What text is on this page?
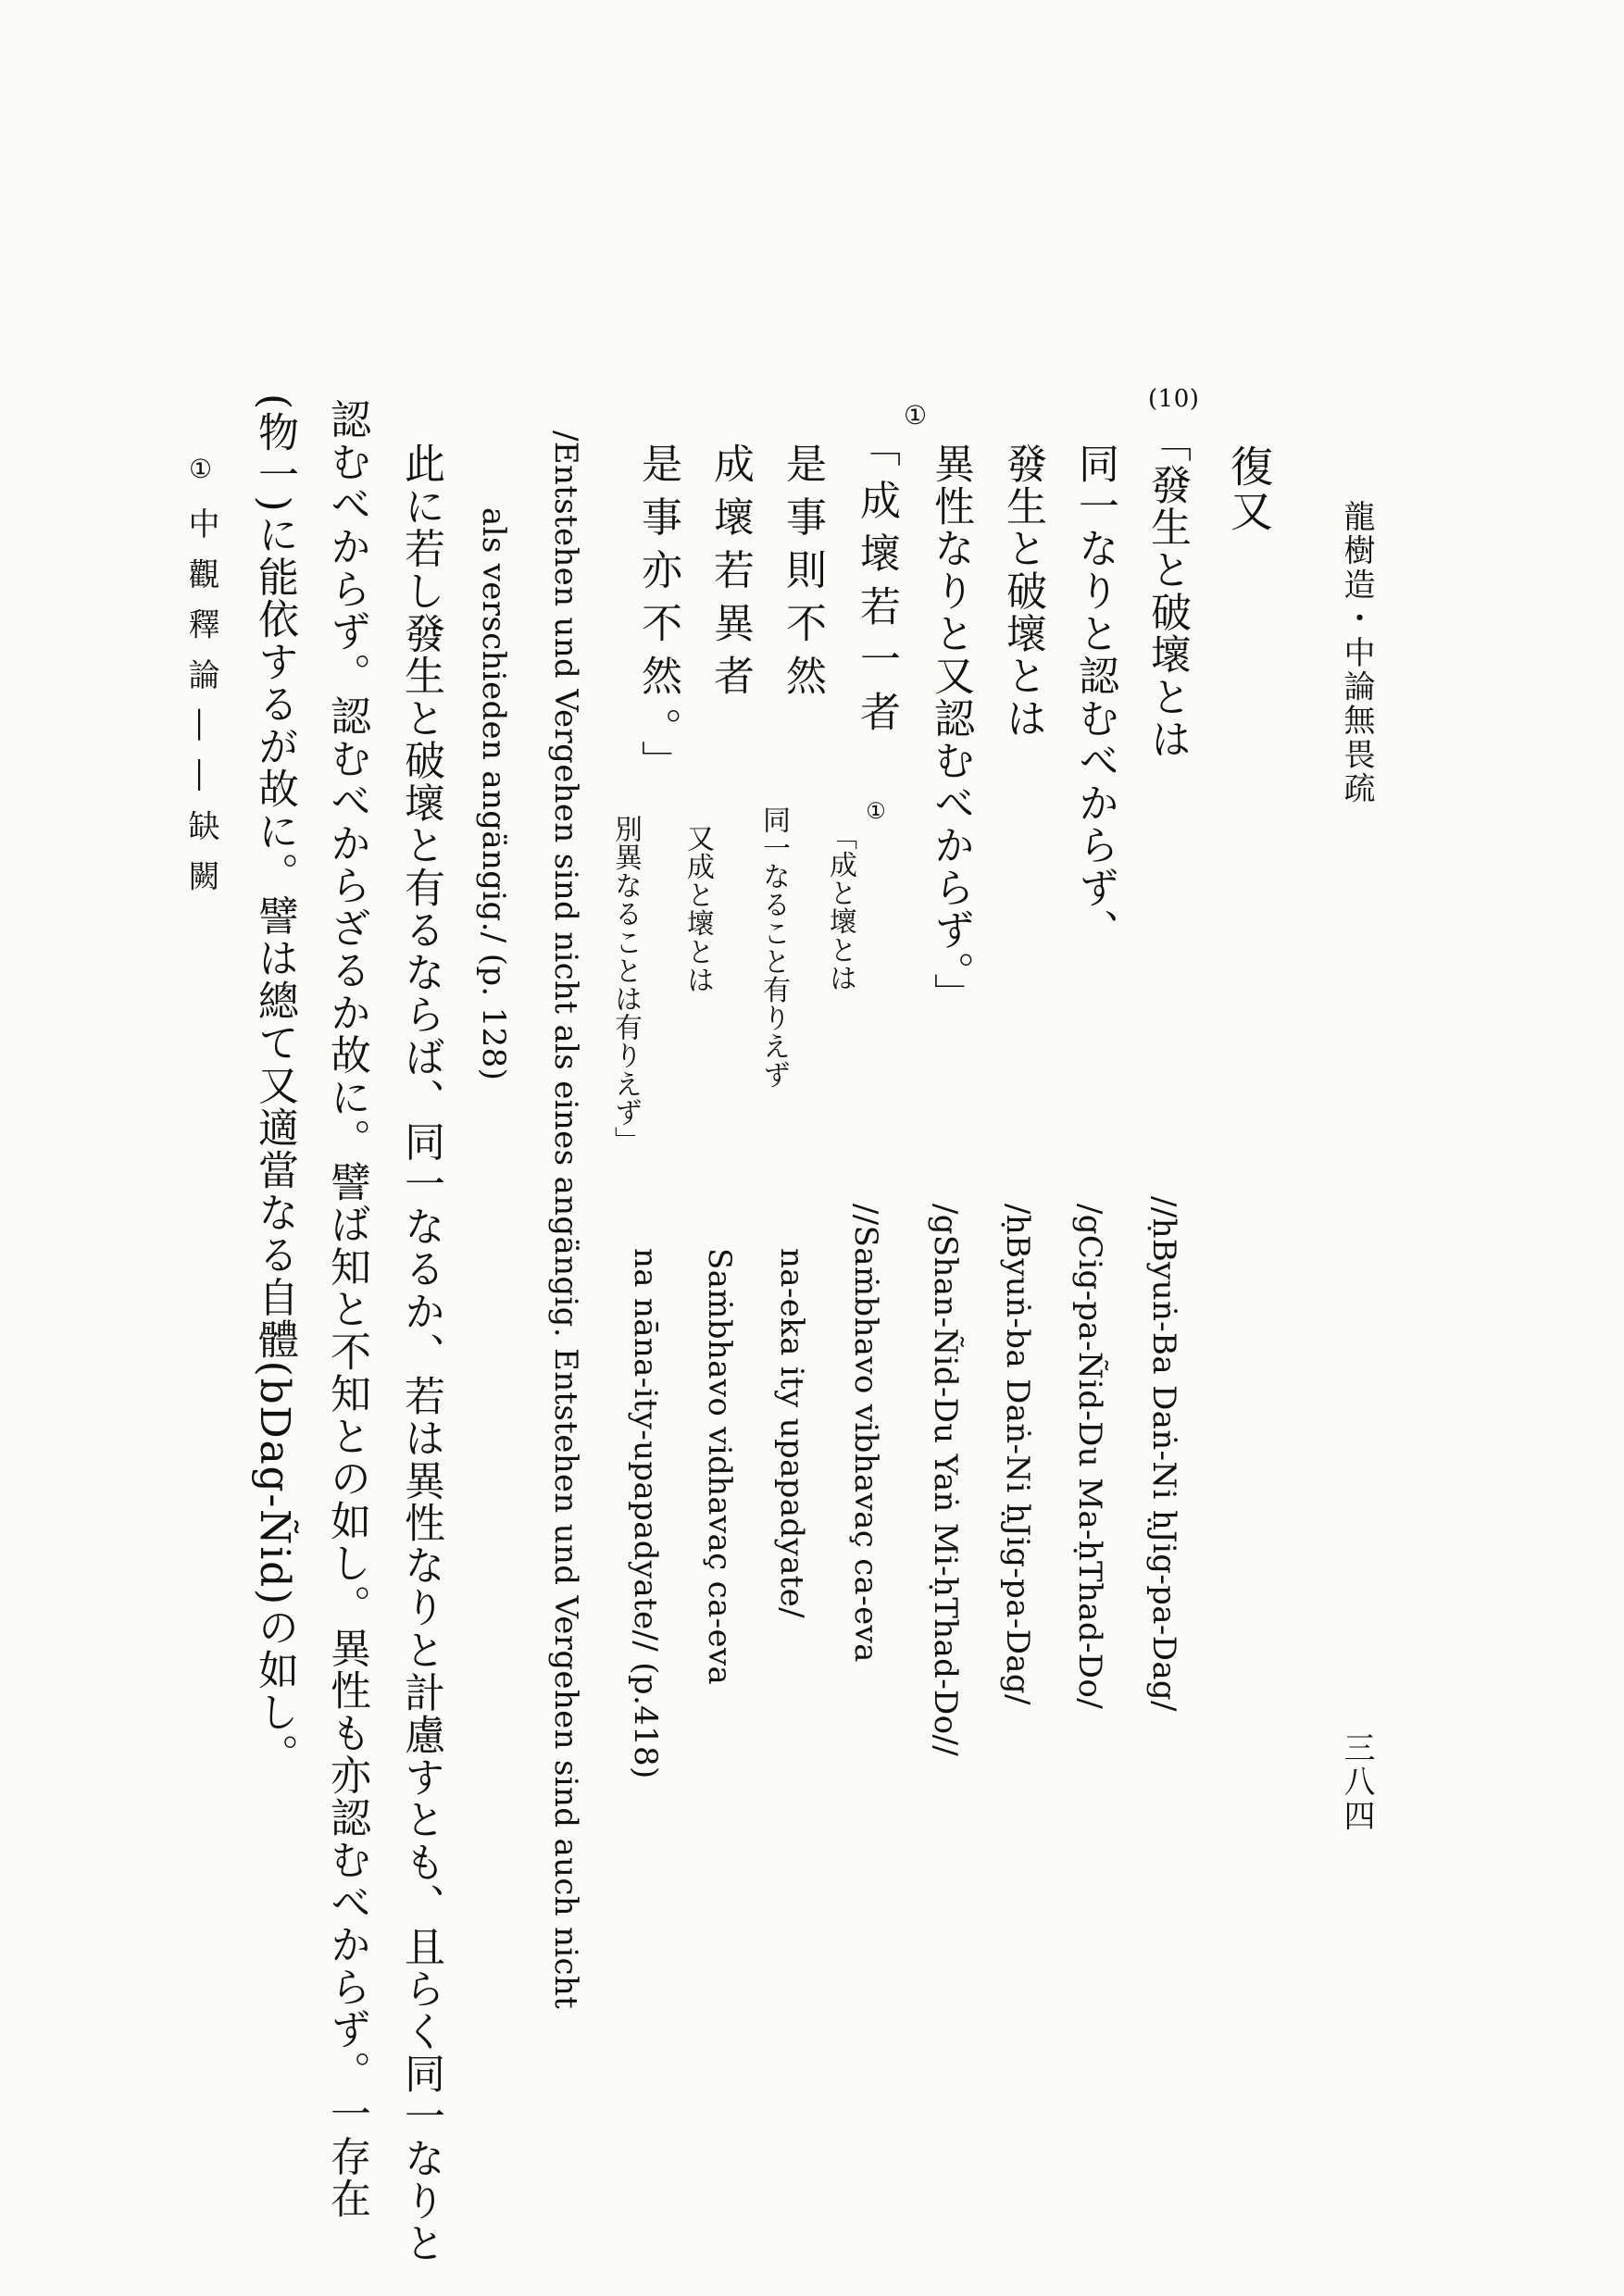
龍樹造・中論無畏疏
三八四
復又
(10)
「發生と破壞とは
同一なりと認むべからず、
發生と破壞とは
異性なりと又認むべからず。」
//ḥByuṅ-Ba Daṅ-Ni ḥJig-pa-Dag/
/gCig-pa-Ñid-Du Ma-ḥThad-Do/
/ḥByuṅ-ba Daṅ-Ni ḥJig-pa-Dag/
/gShan-Ñid-Du Yaṅ Mi-ḥThad-Do//
①
「成壞若一者
①
「成と壞とは
是事則不然
同一なること有りえず
成壞若異者
又成と壞とは
是事亦不然。」
別異なることは有りえず」
//Saṁbhavo vibhavaç ca-eva
na-eka ity upapadyate/
Saṁbhavo vidhavaç ca-eva
na nāna-ity-upapadyate// (p.418)
/Entstehen und Vergehen sind nicht als eines angängig. Entstehen und Vergehen sind auch nicht
als verschieden angängig./ (p. 128)
此に若し發生と破壞と有るならば、同一なるか、若は異性なりと計慮すとも、且らく同一なりと
認むべからず。認むべからざるか故に。譬ば知と不知との如し。異性も亦認むべからず。一存在
(物一)に能依するが故に。譬は總て又適當なる自體(bDag-Ñid)の如し。
①
中觀釋論――缺闕
